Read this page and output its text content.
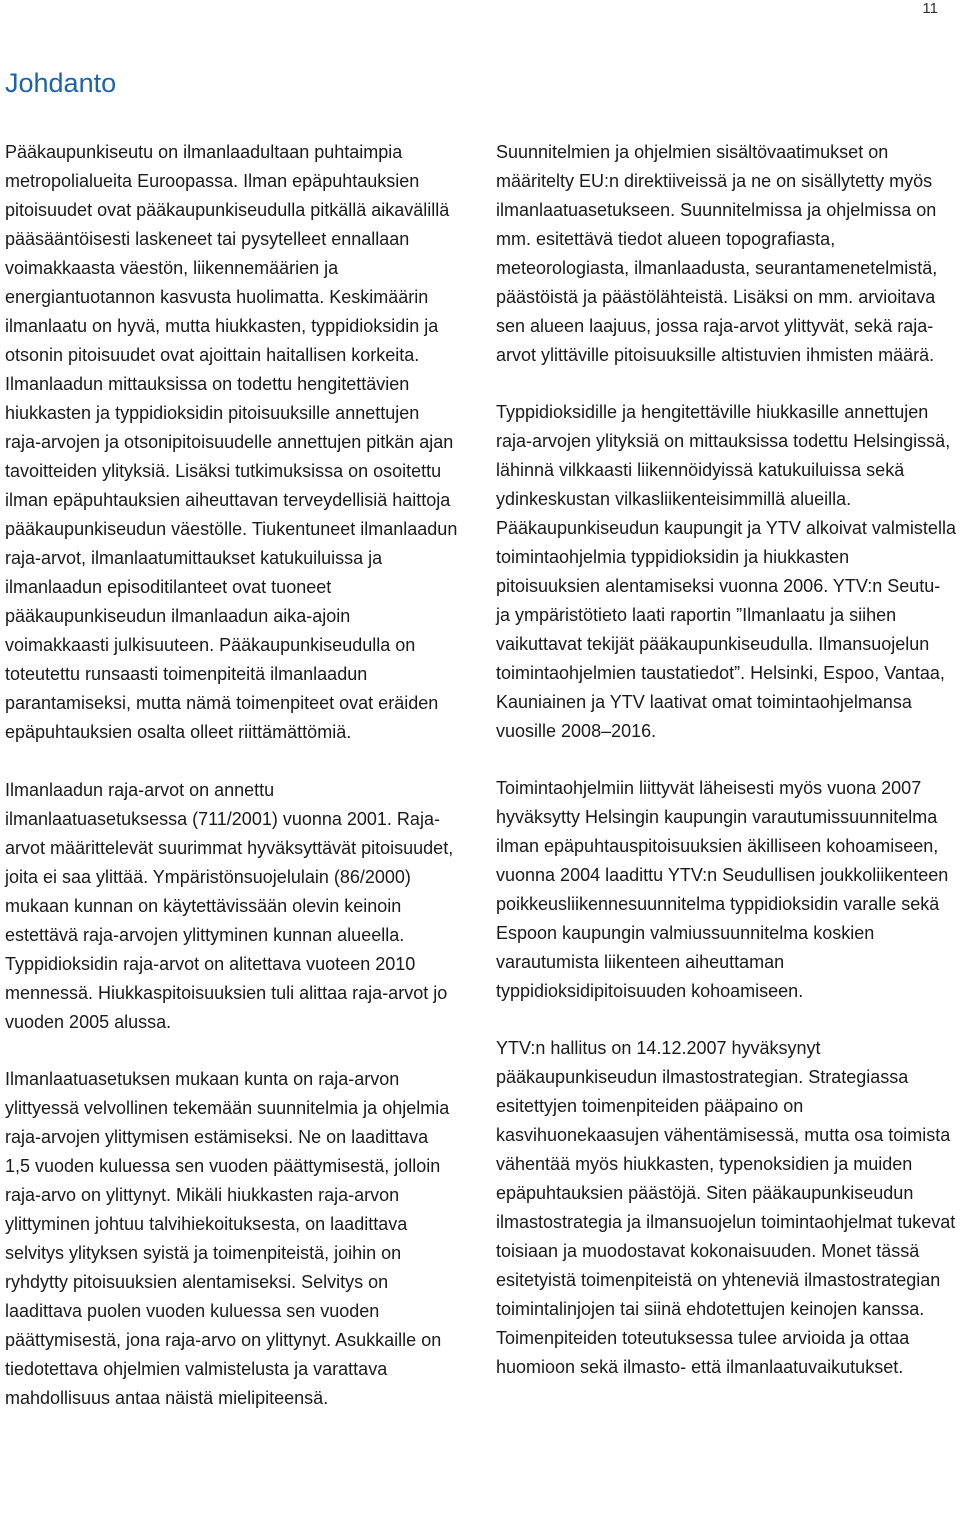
11
Johdanto

Pääkaupunkiseutu on ilmanlaadultaan puhtaimpia metropolialueita Euroopassa. Ilman epäpuhtauksien pitoisuudet ovat pääkaupunkiseudulla pitkällä aikavälillä pääsääntöisesti laskeneet tai pysytelleet ennallaan voimakkaasta väestön, liikennemäärien ja energiantuotannon kasvusta huolimatta. Keskimäärin ilmanlaatu on hyvä, mutta hiukkasten, typpidioksidin ja otsonin pitoisuudet ovat ajoittain haitallisen korkeita. Ilmanlaadun mittauksissa on todettu hengitettävien hiukkasten ja typpidioksidin pitoisuuksille annettujen raja-arvojen ja otsonipitoisuudelle annettujen pitkän ajan tavoitteiden ylityksiä. Lisäksi tutkimuksissa on osoitettu ilman epäpuhtauksien aiheuttavan terveydellisiä haittoja pääkaupunkiseudun väestölle. Tiukentuneet ilmanlaadun raja-arvot, ilmanlaatumittaukset katukuiluissa ja ilmanlaadun episoditilanteet ovat tuoneet pääkaupunkiseudun ilmanlaadun aika-ajoin voimakkaasti julkisuuteen. Pääkaupunkiseudulla on toteutettu runsaasti toimenpiteitä ilmanlaadun parantamiseksi, mutta nämä toimenpiteet ovat eräiden epäpuhtauksien osalta olleet riittämättömiä.

Ilmanlaadun raja-arvot on annettu ilmanlaatuasetuksessa (711/2001) vuonna 2001. Raja-arvot määrittelevät suurimmat hyväksyttävät pitoisuudet, joita ei saa ylittää. Ympäristönsuojelulain (86/2000) mukaan kunnan on käytettävissään olevin keinoin estettävä raja-arvojen ylittyminen kunnan alueella. Typpidioksidin raja-arvot on alitettava vuoteen 2010 mennessä. Hiukkaspitoisuuksien tuli alittaa raja-arvot jo vuoden 2005 alussa.

Ilmanlaatuasetuksen mukaan kunta on raja-arvon ylittyessä velvollinen tekemään suunnitelmia ja ohjelmia raja-arvojen ylittymisen estämiseksi. Ne on laadittava 1,5 vuoden kuluessa sen vuoden päättymisestä, jolloin raja-arvo on ylittynyt. Mikäli hiukkasten raja-arvon ylittyminen johtuu talvihiekoituksesta, on laadittava selvitys ylityksen syistä ja toimenpiteistä, joihin on ryhdytty pitoisuuksien alentamiseksi. Selvitys on laadittava puolen vuoden kuluessa sen vuoden päättymisestä, jona raja-arvo on ylittynyt. Asukkaille on tiedotettava ohjelmien valmistelusta ja varattava mahdollisuus antaa näistä mielipiteensä.

Suunnitelmien ja ohjelmien sisältövaatimukset on määritelty EU:n direktiiveissä ja ne on sisällytetty myös ilmanlaatuasetukseen. Suunnitelmissa ja ohjelmissa on mm. esitettävä tiedot alueen topografiasta, meteorologiasta, ilmanlaadusta, seurantamenetelmistä, päästöistä ja päästölähteistä. Lisäksi on mm. arvioitava sen alueen laajuus, jossa raja-arvot ylittyvät, sekä raja-arvot ylittäville pitoisuuksille altistuvien ihmisten määrä.

Typpidioksidille ja hengitettäville hiukkasille annettujen raja-arvojen ylityksiä on mittauksissa todettu Helsingissä, lähinnä vilkkaasti liikennöidyissä katukuiluissa sekä ydinkeskustan vilkasliikenteisimmillä alueilla. Pääkaupunkiseudun kaupungit ja YTV alkoivat valmistella toimintaohjelmia typpidioksidin ja hiukkasten pitoisuuksien alentamiseksi vuonna 2006. YTV:n Seutu- ja ympäristötieto laati raportin ”Ilmanlaatu ja siihen vaikuttavat tekijät pääkaupunkiseudulla. Ilmansuojelun toimintaohjelmien taustatiedot”. Helsinki, Espoo, Vantaa, Kauniainen ja YTV laativat omat toimintaohjelmansa vuosille 2008–2016.

Toimintaohjelmiin liittyvät läheisesti myös vuona 2007 hyväksytty Helsingin kaupungin varautumissuunnitelma ilman epäpuhtauspitoisuuksien äkilliseen kohoamiseen, vuonna 2004 laadittu YTV:n Seudullisen joukkoliikenteen poikkeusliikennesuunnitelma typpidioksidin varalle sekä Espoon kaupungin valmiussuunnitelma koskien varautumista liikenteen aiheuttaman typpidioksidipitoisuuden kohoamiseen.

YTV:n hallitus on 14.12.2007 hyväksynyt pääkaupunkiseudun ilmastostrategian. Strategiassa esitettyjen toimenpiteiden pääpaino on kasvihuonekaasujen vähentämisessä, mutta osa toimista vähentää myös hiukkasten, typenoksidien ja muiden epäpuhtauksien päästöjä. Siten pääkaupunkiseudun ilmastostrategia ja ilmansuojelun toimintaohjelmat tukevat toisiaan ja muodostavat kokonaisuuden. Monet tässä esitetyistä toimenpiteistä on yhteneviä ilmastostrategian toimintalinjojen tai siinä ehdotettujen keinojen kanssa. Toimenpiteiden toteutuksessa tulee arvioida ja ottaa huomioon sekä ilmasto- että ilmanlaatuvaikutukset.
